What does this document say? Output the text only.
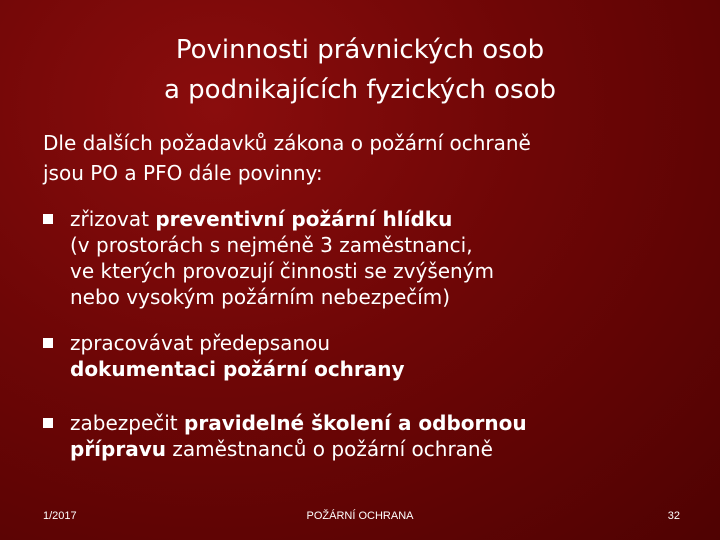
Povinnosti právnických osob
a podnikajících fyzických osob
Dle dalších požadavků zákona o požární ochraně
jsou PO a PFO dále povinny:
zřizovat preventivní požární hlídku
(v prostorách s nejméně 3 zaměstnanci,
ve kterých provozují činnosti se zvýšeným
nebo vysokým požárním nebezpečím)
zpracovávat předepsanou
dokumentaci požární ochrany
zabezpečit pravidelné školení a odbornou
přípravu zaměstnanců o požární ochraně
1/2017	POŽÁRNÍ OCHRANA	32
